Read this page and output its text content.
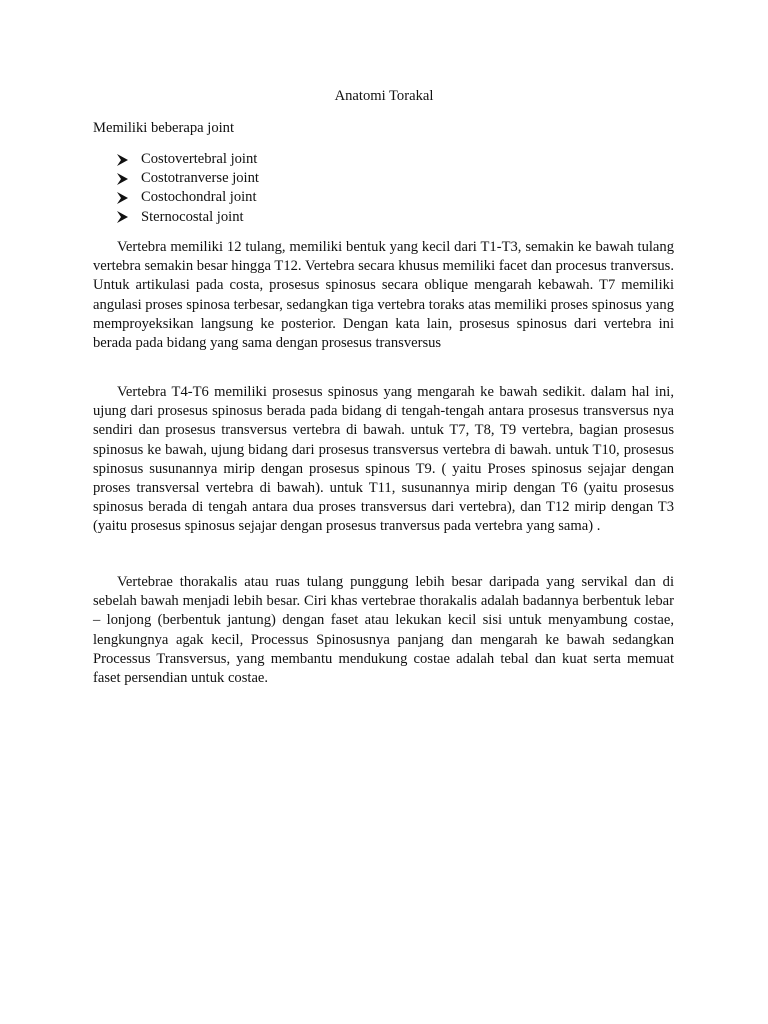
Anatomi Torakal

Memiliki beberapa joint

Costovertebral joint
Costotranverse joint
Costochondral joint
Sternocostal joint

Vertebra memiliki 12 tulang, memiliki bentuk yang kecil dari T1-T3, semakin ke bawah tulang vertebra semakin besar hingga T12. Vertebra secara khusus memiliki facet dan procesus tranversus. Untuk artikulasi pada costa, prosesus spinosus secara oblique mengarah kebawah. T7 memiliki angulasi proses spinosa terbesar, sedangkan tiga vertebra toraks atas memiliki proses spinosus yang memproyeksikan langsung ke posterior. Dengan kata lain, prosesus spinosus dari vertebra ini berada pada bidang yang sama dengan prosesus transversus

Vertebra T4-T6 memiliki prosesus spinosus yang mengarah ke bawah sedikit. dalam hal ini, ujung dari prosesus spinosus berada pada bidang di tengah-tengah antara prosesus transversus nya sendiri dan prosesus transversus vertebra di bawah. untuk T7, T8, T9 vertebra, bagian prosesus spinosus ke bawah, ujung bidang dari prosesus transversus vertebra di bawah. untuk T10, prosesus spinosus susunannya mirip dengan prosesus spinous T9. ( yaitu Proses spinosus sejajar dengan proses transversal vertebra di bawah). untuk T11, susunannya mirip dengan T6 (yaitu prosesus spinosus berada di tengah antara dua proses transversus dari vertebra), dan T12 mirip dengan T3 (yaitu prosesus spinosus sejajar dengan prosesus tranversus pada vertebra yang sama) .

Vertebrae thorakalis atau ruas tulang punggung lebih besar daripada yang servikal dan di sebelah bawah menjadi lebih besar. Ciri khas vertebrae thorakalis adalah badannya berbentuk lebar – lonjong (berbentuk jantung) dengan faset atau lekukan kecil sisi untuk menyambung costae, lengkungnya agak kecil, Processus Spinosusnya panjang dan mengarah ke bawah sedangkan Processus Transversus, yang membantu mendukung costae adalah tebal dan kuat serta memuat faset persendian untuk costae.
